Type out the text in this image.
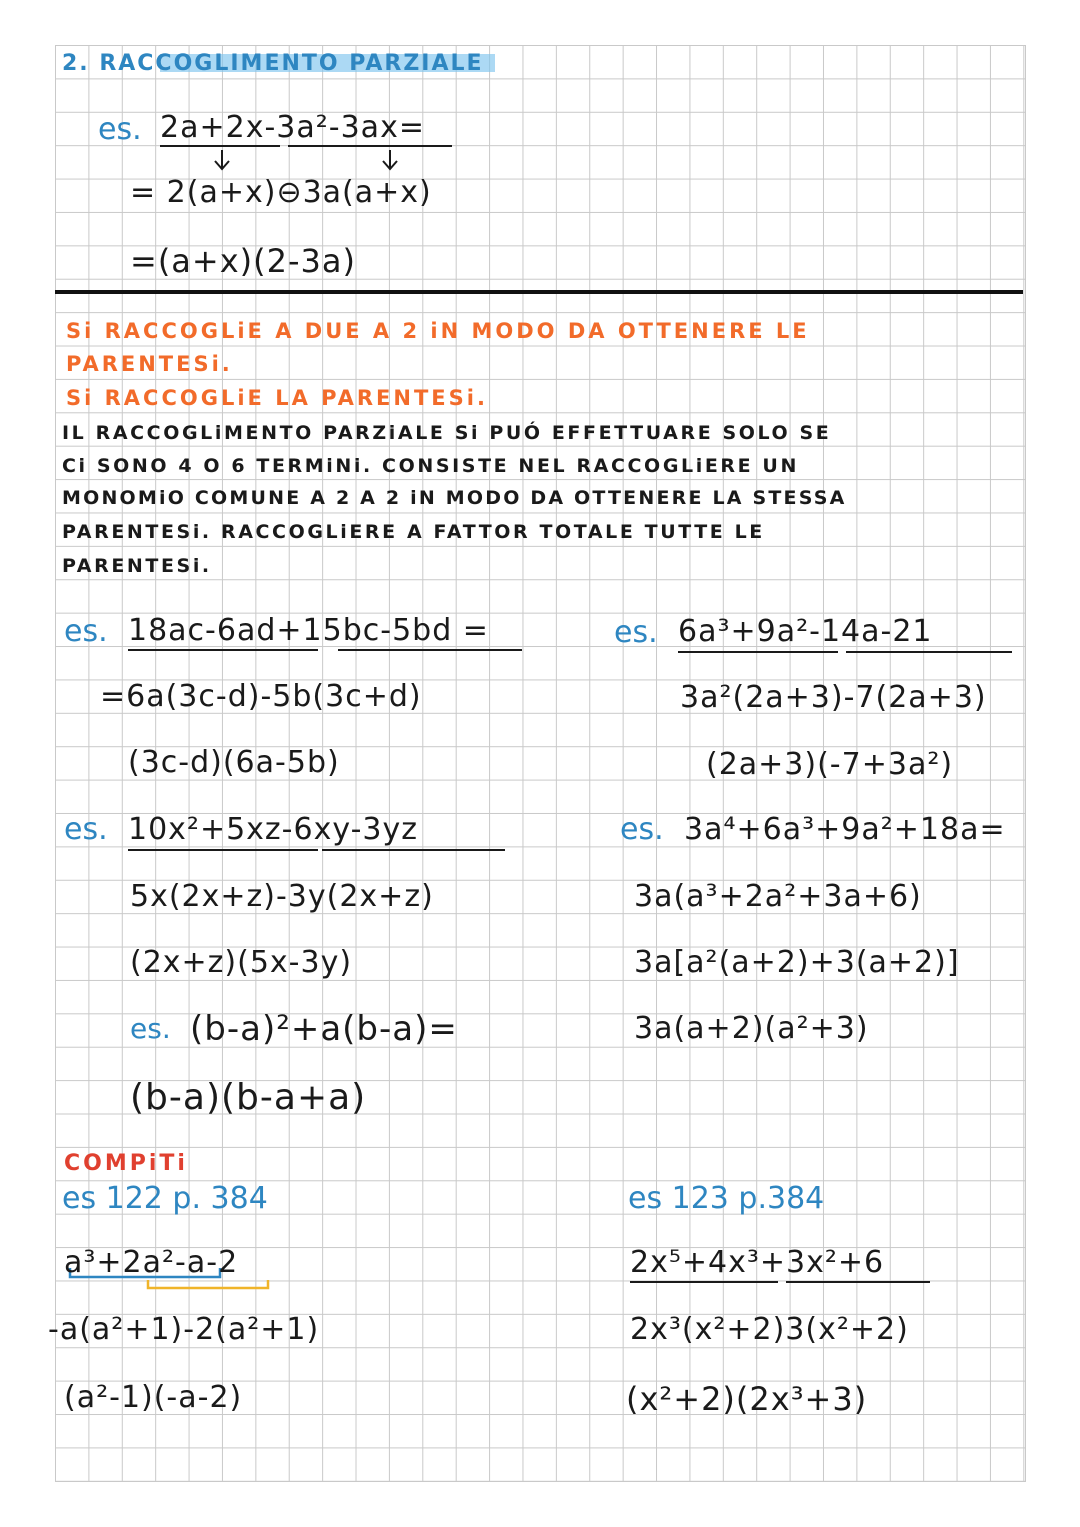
2. RACCOGLIMENTO PARZIALE
es. 2a+2x-3a²-3ax=
= 2(a+x)⊖3a(a+x)
=(a+x)(2-3a)
Si RACCOGLiE A DUE A 2 iN MODO DA OTTENERE LE
PARENTESi.
Si RACCOGLiE LA PARENTESi.
IL RACCOGLiMENTO PARZiALE Si PUÓ EFFETTUARE SOLO SE
Ci SONO 4 O 6 TERMiNi. CONSISTE NEL RACCOGLiERE UN
MONOMiO COMUNE A 2 A 2 iN MODO DA OTTENERE LA STESSA
PARENTESi. RACCOGLiERE A FATTOR TOTALE TUTTE LE
PARENTESi.
es. 18ac-6ad+15bc-5bd =
=6a(3c-d)-5b(3c+d)
(3c-d)(6a-5b)
es. 6a³+9a²-14a-21
3a²(2a+3)-7(2a+3)
(2a+3)(-7+3a²)
es. 10x²+5xz-6xy-3yz
5x(2x+z)-3y(2x+z)
(2x+z)(5x-3y)
es. 3a⁴+6a³+9a²+18a=
3a(a³+2a²+3a+6)
3a[a²(a+2)+3(a+2)]
3a(a+2)(a²+3)
es. (b-a)²+a(b-a)=
(b-a)(b-a+a)
COMPiTi
es 122 p. 384
a³+2a²-a-2
-a(a²+1)-2(a²+1)
(a²-1)(-a-2)
es 123 p.384
2x⁵+4x³+3x²+6
2x³(x²+2)3(x²+2)
(x²+2)(2x³+3)
